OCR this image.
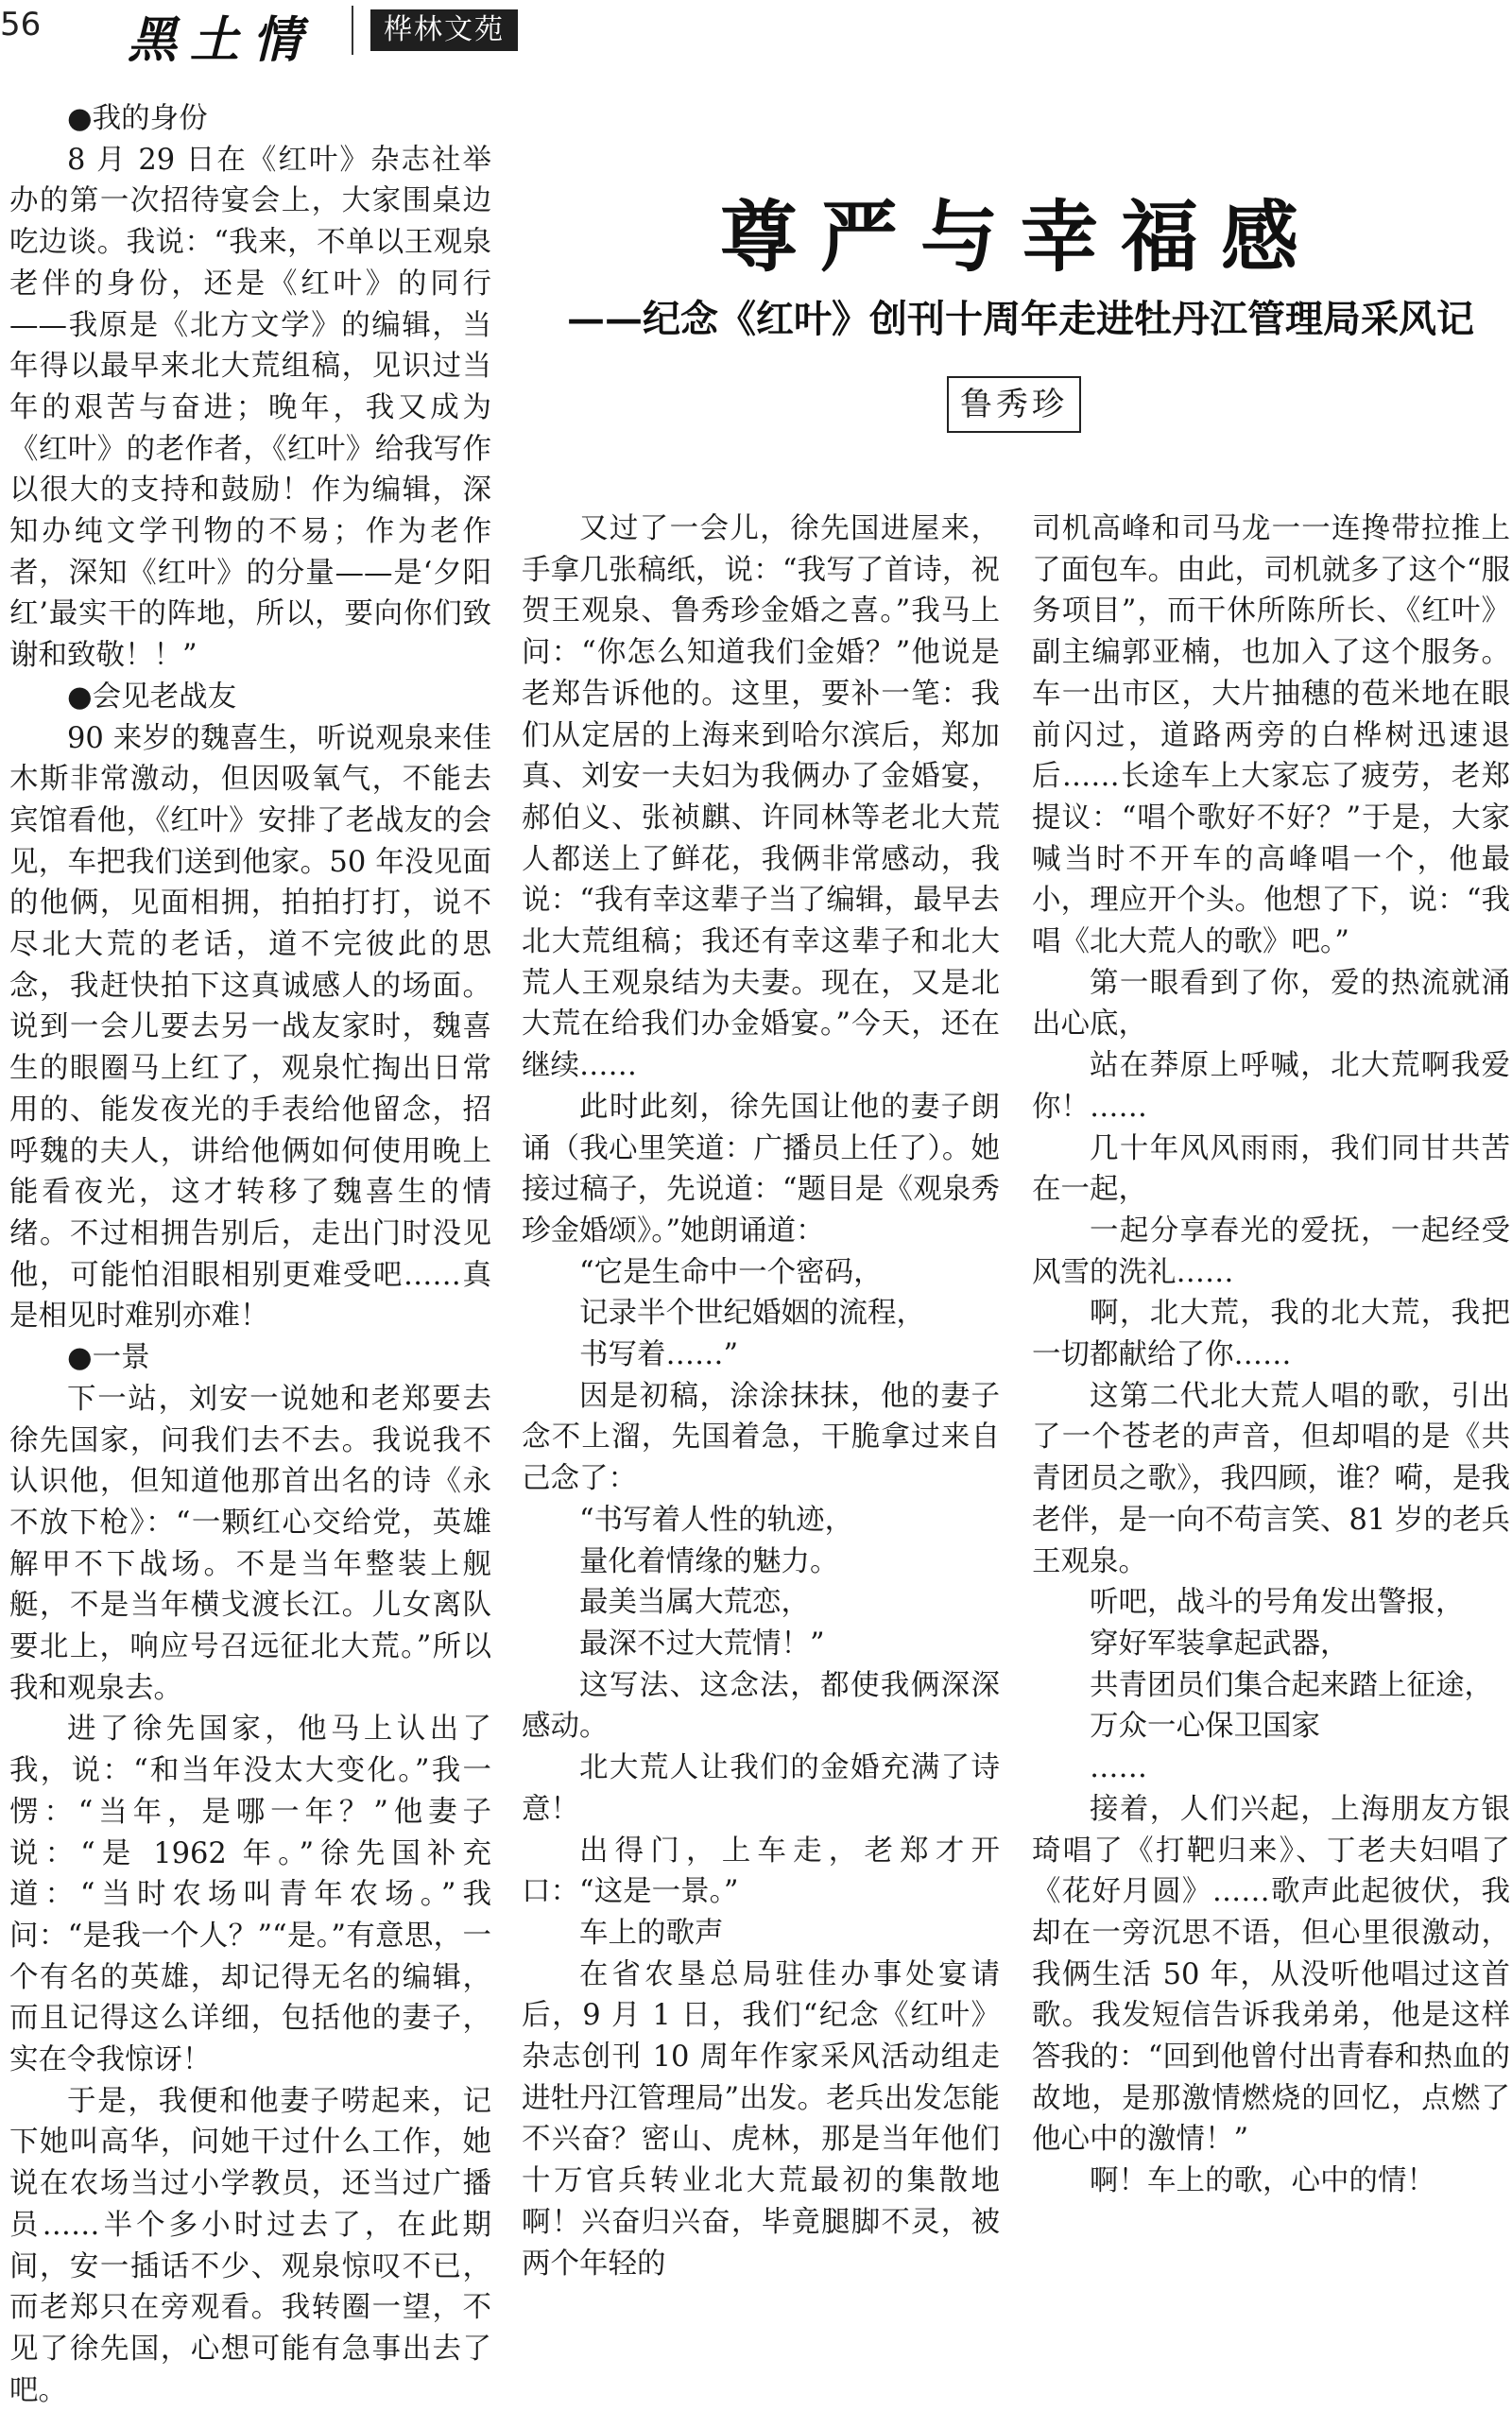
56 黑土情	桦林文苑
尊严与幸福感
——纪念《红叶》创刊十周年走进牡丹江管理局采风记
鲁秀珍

●我的身份

8 月 29 日在《红叶》杂志社举办的第一次招待宴会上，大家围桌边吃边谈。我说：“我来，不单以王观泉老伴的身份，还是《红叶》的同行——我原是《北方文学》的编辑，当年得以最早来北大荒组稿，见识过当年的艰苦与奋进；晚年，我又成为《红叶》的老作者，《红叶》给我写作以很大的支持和鼓励！作为编辑，深知办纯文学刊物的不易；作为老作者，深知《红叶》的分量——是‘夕阳红’最实干的阵地，所以，要向你们致谢和致敬！！”

●会见老战友

90 来岁的魏喜生，听说观泉来佳木斯非常激动，但因吸氧气，不能去宾馆看他，《红叶》安排了老战友的会见，车把我们送到他家。50 年没见面的他俩，见面相拥，拍拍打打，说不尽北大荒的老话，道不完彼此的思念，我赶快拍下这真诚感人的场面。说到一会儿要去另一战友家时，魏喜生的眼圈马上红了，观泉忙掏出日常用的、能发夜光的手表给他留念，招呼魏的夫人，讲给他俩如何使用晚上能看夜光，这才转移了魏喜生的情绪。不过相拥告别后，走出门时没见他，可能怕泪眼相别更难受吧……真是相见时难别亦难！

●一景

下一站，刘安一说她和老郑要去徐先国家，问我们去不去。我说我不认识他，但知道他那首出名的诗《永不放下枪》：“一颗红心交给党，英雄解甲不下战场。不是当年整装上舰艇，不是当年横戈渡长江。儿女离队要北上，响应号召远征北大荒。”所以我和观泉去。

进了徐先国家，他马上认出了我，说：“和当年没太大变化。”我一愣：“当年，是哪一年？”他妻子说：“是 1962 年。”徐先国补充道：“当时农场叫青年农场。”我问：“是我一个人？”“是。”有意思，一个有名的英雄，却记得无名的编辑，而且记得这么详细，包括他的妻子，实在令我惊讶！

于是，我便和他妻子唠起来，记下她叫高华，问她干过什么工作，她说在农场当过小学教员，还当过广播员……半个多小时过去了，在此期间，安一插话不少、观泉惊叹不已，而老郑只在旁观看。我转圈一望，不见了徐先国，心想可能有急事出去了吧。

又过了一会儿，徐先国进屋来，手拿几张稿纸，说：“我写了首诗，祝贺王观泉、鲁秀珍金婚之喜。”我马上问：“你怎么知道我们金婚？”他说是老郑告诉他的。这里，要补一笔：我们从定居的上海来到哈尔滨后，郑加真、刘安一夫妇为我俩办了金婚宴，郝伯义、张祯麒、许同林等老北大荒人都送上了鲜花，我俩非常感动，我说：“我有幸这辈子当了编辑，最早去北大荒组稿；我还有幸这辈子和北大荒人王观泉结为夫妻。现在，又是北大荒在给我们办金婚宴。”今天，还在继续……

此时此刻，徐先国让他的妻子朗诵（我心里笑道：广播员上任了）。她接过稿子，先说道：“题目是《观泉秀珍金婚颂》。”她朗诵道：

“它是生命中一个密码，

记录半个世纪婚姻的流程，

书写着……”

因是初稿，涂涂抹抹，他的妻子念不上溜，先国着急，干脆拿过来自己念了：

“书写着人性的轨迹，

量化着情缘的魅力。

最美当属大荒恋，

最深不过大荒情！”

这写法、这念法，都使我俩深深感动。

北大荒人让我们的金婚充满了诗意！

出得门，上车走，老郑才开口：“这是一景。”

车上的歌声

在省农垦总局驻佳办事处宴请后，9 月 1 日，我们“纪念《红叶》杂志创刊 10 周年作家采风活动组走进牡丹江管理局”出发。老兵出发怎能不兴奋？密山、虎林，那是当年他们十万官兵转业北大荒最初的集散地啊！兴奋归兴奋，毕竟腿脚不灵，被两个年轻的

司机高峰和司马龙一一连搀带拉推上了面包车。由此，司机就多了这个“服务项目”，而干休所陈所长、《红叶》副主编郭亚楠，也加入了这个服务。车一出市区，大片抽穗的苞米地在眼前闪过，道路两旁的白桦树迅速退后……长途车上大家忘了疲劳，老郑提议：“唱个歌好不好？”于是，大家喊当时不开车的高峰唱一个，他最小，理应开个头。他想了下，说：“我唱《北大荒人的歌》吧。”

第一眼看到了你，爱的热流就涌出心底，

站在莽原上呼喊，北大荒啊我爱你！……

几十年风风雨雨，我们同甘共苦在一起，

一起分享春光的爱抚，一起经受风雪的洗礼……

啊，北大荒，我的北大荒，我把一切都献给了你……

这第二代北大荒人唱的歌，引出了一个苍老的声音，但却唱的是《共青团员之歌》，我四顾，谁？嗬，是我老伴，是一向不苟言笑、81 岁的老兵王观泉。

听吧，战斗的号角发出警报，

穿好军装拿起武器，

共青团员们集合起来踏上征途，

万众一心保卫国家

……

接着，人们兴起，上海朋友方银琦唱了《打靶归来》、丁老夫妇唱了《花好月圆》……歌声此起彼伏，我却在一旁沉思不语，但心里很激动，我俩生活 50 年，从没听他唱过这首歌。我发短信告诉我弟弟，他是这样答我的：“回到他曾付出青春和热血的故地，是那激情燃烧的回忆，点燃了他心中的激情！”

啊！车上的歌，心中的情！
